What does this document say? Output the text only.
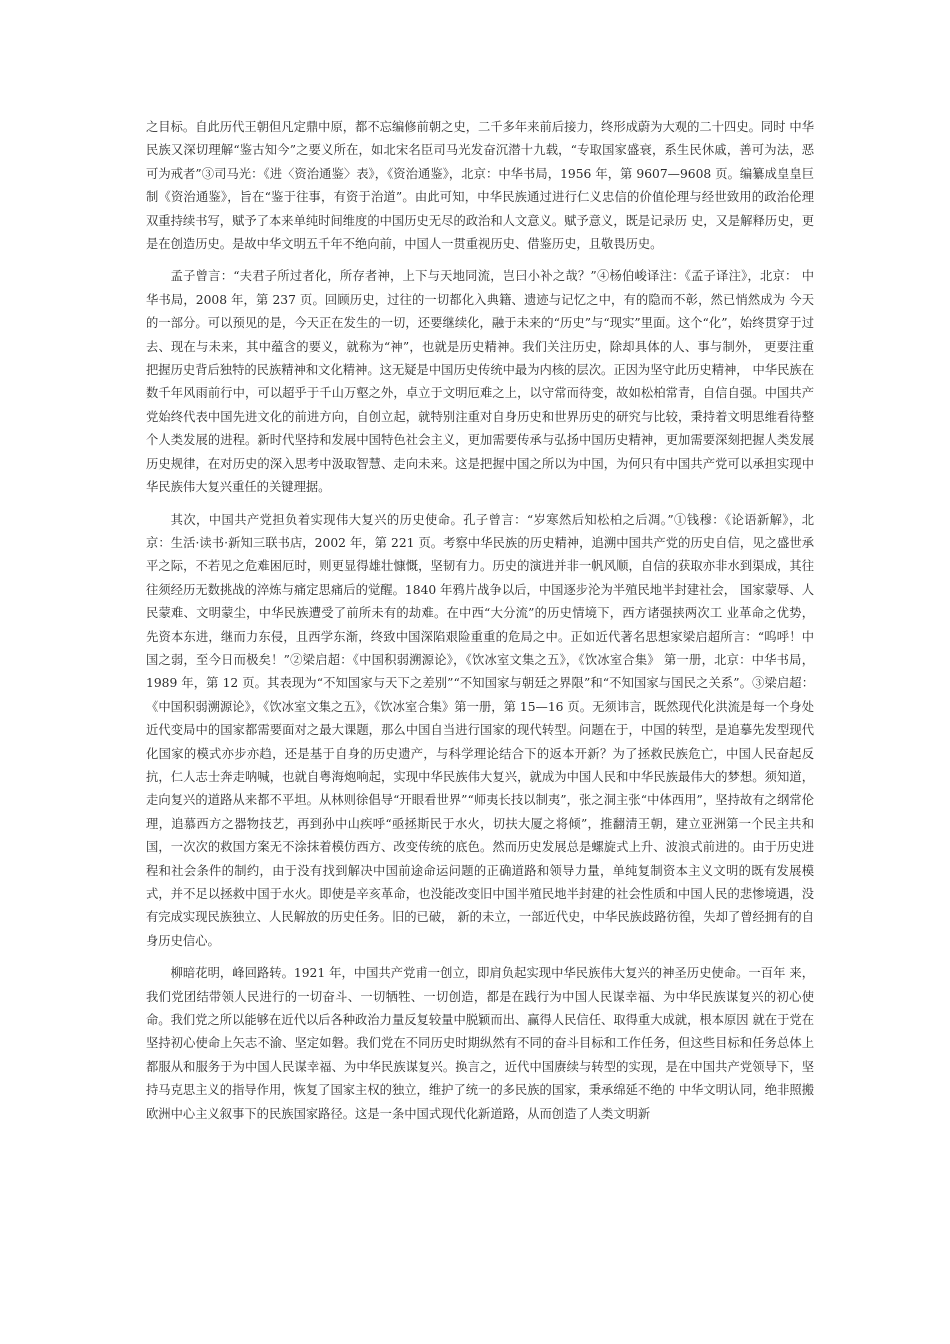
之目标。自此历代王朝但凡定鼎中原，都不忘编修前朝之史，二千多年来前后接力，终形成蔚为大观的二十四史。同时 中华民族又深切理解“鉴古知今”之要义所在，如北宋名臣司马光发奋沉潜十九载，“专取国家盛衰，系生民休戚，善可为法，恶可为戒者”③司马光：《进〈资治通鉴〉表》，《资治通鉴》，北京：中华书局，1956 年，第 9607—9608 页。编纂成皇皇巨制《资治通鉴》，旨在“鉴于往事，有资于治道”。由此可知，中华民族通过进行仁义忠信的价值伦理与经世致用的政治伦理双重持续书写，赋予了本来单纯时间维度的中国历史无尽的政治和人文意义。赋予意义，既是记录历 史，又是解释历史，更是在创造历史。是故中华文明五千年不绝向前，中国人一贯重视历史、借鉴历史，且敬畏历史。

孟子曾言：“夫君子所过者化，所存者神，上下与天地同流，岂曰小补之哉？”④杨伯峻译注：《孟子译注》，北京： 中华书局，2008 年，第 237 页。回顾历史，过往的一切都化入典籍、遗迹与记忆之中，有的隐而不彰，然已悄然成为 今天的一部分。可以预见的是，今天正在发生的一切，还要继续化，融于未来的“历史”与“现实”里面。这个“化”，始终贯穿于过去、现在与未来，其中蕴含的要义，就称为“神”，也就是历史精神。我们关注历史，除却具体的人、事与制外， 更要注重把握历史背后独特的民族精神和文化精神。这无疑是中国历史传统中最为内核的层次。正因为坚守此历史精神， 中华民族在数千年风雨前行中，可以超乎于千山万壑之外，卓立于文明厄难之上，以守常而待变，故如松柏常青，自信自强。中国共产党始终代表中国先进文化的前进方向，自创立起，就特别注重对自身历史和世界历史的研究与比较，秉持着文明思维看待整个人类发展的进程。新时代坚持和发展中国特色社会主义，更加需要传承与弘扬中国历史精神，更加需要深刻把握人类发展历史规律，在对历史的深入思考中汲取智慧、走向未来。这是把握中国之所以为中国，为何只有中国共产党可以承担实现中华民族伟大复兴重任的关键理据。

其次，中国共产党担负着实现伟大复兴的历史使命。孔子曾言：“岁寒然后知松柏之后凋。”①钱穆：《论语新解》，北京：生活·读书·新知三联书店，2002 年，第 221 页。考察中华民族的历史精神，追溯中国共产党的历史自信，见之盛世承平之际，不若见之危难困厄时，则更显得雄壮慷慨，坚韧有力。历史的演进并非一帆风顺，自信的获取亦非水到渠成，其往往须经历无数挑战的淬炼与痛定思痛后的觉醒。1840 年鸦片战争以后，中国逐步沦为半殖民地半封建社会， 国家蒙辱、人民蒙难、文明蒙尘，中华民族遭受了前所未有的劫难。在中西“大分流”的历史情境下，西方诸强挟两次工 业革命之优势，先资本东进，继而力东侵，且西学东渐，终致中国深陷艰险重重的危局之中。正如近代著名思想家梁启超所言：“呜呼！中国之弱，至今日而极矣！”②梁启超：《中国积弱溯源论》，《饮冰室文集之五》，《饮冰室合集》 第一册，北京：中华书局，1989 年，第 12 页。其表现为“不知国家与天下之差别”“不知国家与朝廷之界限”和“不知国家与国民之关系”。③梁启超：《中国积弱溯源论》，《饮冰室文集之五》，《饮冰室合集》第一册，第 15—16 页。无须讳言，既然现代化洪流是每一个身处近代变局中的国家都需要面对之最大课题，那么中国自当进行国家的现代转型。问题在于，中国的转型，是追摹先发型现代化国家的模式亦步亦趋，还是基于自身的历史遗产，与科学理论结合下的返本开新？为了拯救民族危亡，中国人民奋起反抗，仁人志士奔走呐喊，也就自粤海炮响起，实现中华民族伟大复兴，就成为中国人民和中华民族最伟大的梦想。须知道，走向复兴的道路从来都不平坦。从林则徐倡导“开眼看世界”“师夷长技以制夷”，张之洞主张“中体西用”，坚持故有之纲常伦理，追慕西方之器物技艺，再到孙中山疾呼“亟拯斯民于水火，切扶大厦之将倾”，推翻清王朝，建立亚洲第一个民主共和国，一次次的救国方案无不涂抹着模仿西方、改变传统的底色。然而历史发展总是螺旋式上升、波浪式前进的。由于历史进程和社会条件的制约，由于没有找到解决中国前途命运问题的正确道路和领导力量，单纯复制资本主义文明的既有发展模式，并不足以拯救中国于水火。即使是辛亥革命，也没能改变旧中国半殖民地半封建的社会性质和中国人民的悲惨境遇，没有完成实现民族独立、人民解放的历史任务。旧的已破， 新的未立，一部近代史，中华民族歧路彷徨，失却了曾经拥有的自身历史信心。

柳暗花明，峰回路转。1921 年，中国共产党甫一创立，即肩负起实现中华民族伟大复兴的神圣历史使命。一百年 来，我们党团结带领人民进行的一切奋斗、一切牺牲、一切创造，都是在践行为中国人民谋幸福、为中华民族谋复兴的初心使命。我们党之所以能够在近代以后各种政治力量反复较量中脱颖而出、赢得人民信任、取得重大成就，根本原因 就在于党在坚持初心使命上矢志不渝、坚定如磐。我们党在不同历史时期纵然有不同的奋斗目标和工作任务，但这些目标和任务总体上都服从和服务于为中国人民谋幸福、为中华民族谋复兴。换言之，近代中国赓续与转型的实现，是在中国共产党领导下，坚持马克思主义的指导作用，恢复了国家主权的独立，维护了统一的多民族的国家，秉承绵延不绝的 中华文明认同，绝非照搬欧洲中心主义叙事下的民族国家路径。这是一条中国式现代化新道路，从而创造了人类文明新
